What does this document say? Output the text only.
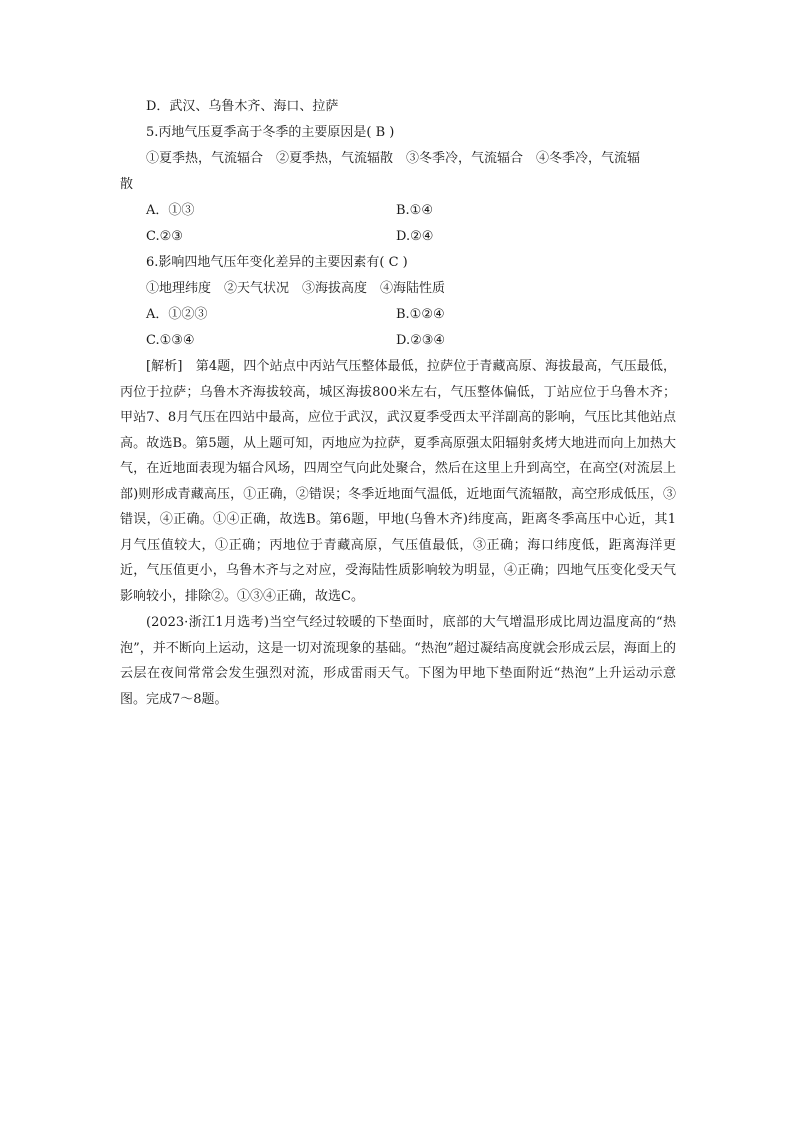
D．武汉、乌鲁木齐、海口、拉萨
5.丙地气压夏季高于冬季的主要原因是( B )
①夏季热，气流辐合　②夏季热，气流辐散　③冬季冷，气流辐合　④冬季冷，气流辐
散
A．①③	B.①④
C.②③	D.②④
6.影响四地气压年变化差异的主要因素有( C )
①地理纬度　②天气状况　③海拔高度　④海陆性质
A．①②③	B.①②④
C.①③④	D.②③④

[解析]　第4题，四个站点中丙站气压整体最低，拉萨位于青藏高原、海拔最高，气压最低，丙位于拉萨；乌鲁木齐海拔较高，城区海拔800米左右，气压整体偏低，丁站应位于乌鲁木齐；甲站7、8月气压在四站中最高，应位于武汉，武汉夏季受西太平洋副高的影响，气压比其他站点高。故选B。第5题，从上题可知，丙地应为拉萨，夏季高原强太阳辐射炙烤大地进而向上加热大气，在近地面表现为辐合风场，四周空气向此处聚合，然后在这里上升到高空，在高空(对流层上部)则形成青藏高压，①正确，②错误；冬季近地面气温低，近地面气流辐散，高空形成低压，③错误，④正确。①④正确，故选B。第6题，甲地(乌鲁木齐)纬度高，距离冬季高压中心近，其1月气压值较大，①正确；丙地位于青藏高原，气压值最低，③正确；海口纬度低，距离海洋更近，气压值更小，乌鲁木齐与之对应，受海陆性质影响较为明显，④正确；四地气压变化受天气影响较小，排除②。①③④正确，故选C。

(2023·浙江1月选考)当空气经过较暖的下垫面时，底部的大气增温形成比周边温度高的“热泡”，并不断向上运动，这是一切对流现象的基础。“热泡”超过凝结高度就会形成云层，海面上的云层在夜间常常会发生强烈对流，形成雷雨天气。下图为甲地下垫面附近“热泡”上升运动示意图。完成7～8题。
